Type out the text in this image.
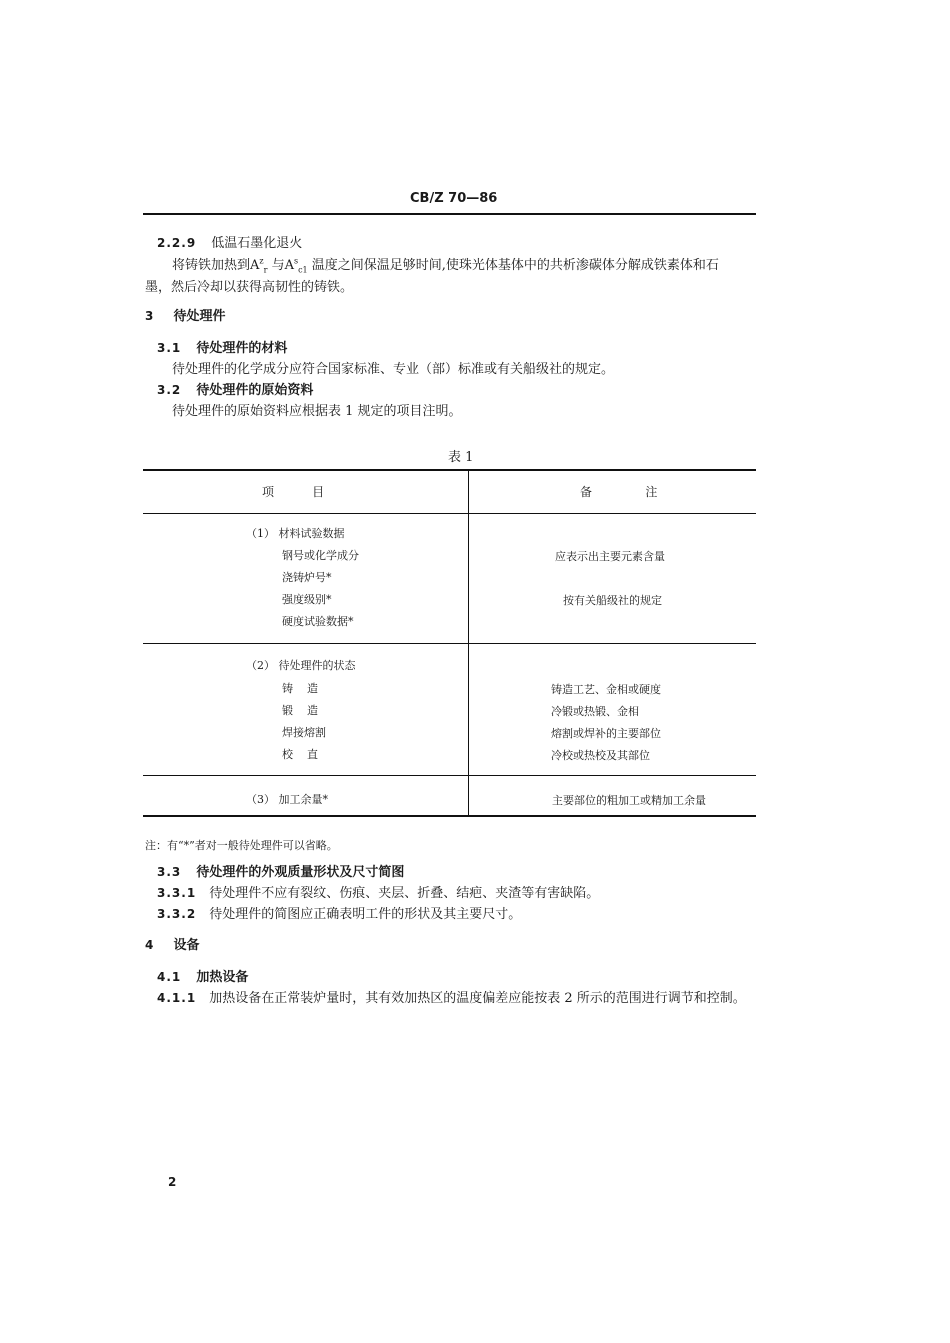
CB/Z 70—86
2.2.9 低温石墨化退火
将铸铁加热到$A^z_r$ 与$A^s_{c1}$ 温度之间保温足够时间,使珠光体基体中的共析渗碳体分解成铁素体和石
墨，然后冷却以获得高韧性的铸铁。
3 待处理件
3.1 待处理件的材料
待处理件的化学成分应符合国家标准、专业（部）标准或有关船级社的规定。
3.2 待处理件的原始资料
待处理件的原始资料应根据表 1 规定的项目注明。
表 1
项          目	备              注
（1） 材料试验数据
钢号或化学成分
浇铸炉号*
强度级别*
硬度试验数据*
应表示出主要元素含量
按有关船级社的规定
（2） 待处理件的状态
铸    造
锻    造
焊接熔割
校    直
铸造工艺、金相或硬度
冷锻或热锻、金相
熔割或焊补的主要部位
冷校或热校及其部位
（3） 加工余量*	主要部位的粗加工或精加工余量
注：有“*”者对一般待处理件可以省略。
3.3 待处理件的外观质量形状及尺寸简图
3.3.1 待处理件不应有裂纹、伤痕、夹层、折叠、结疤、夹渣等有害缺陷。
3.3.2 待处理件的简图应正确表明工件的形状及其主要尺寸。
4 设备
4.1 加热设备
4.1.1 加热设备在正常装炉量时，其有效加热区的温度偏差应能按表 2 所示的范围进行调节和控制。
2
